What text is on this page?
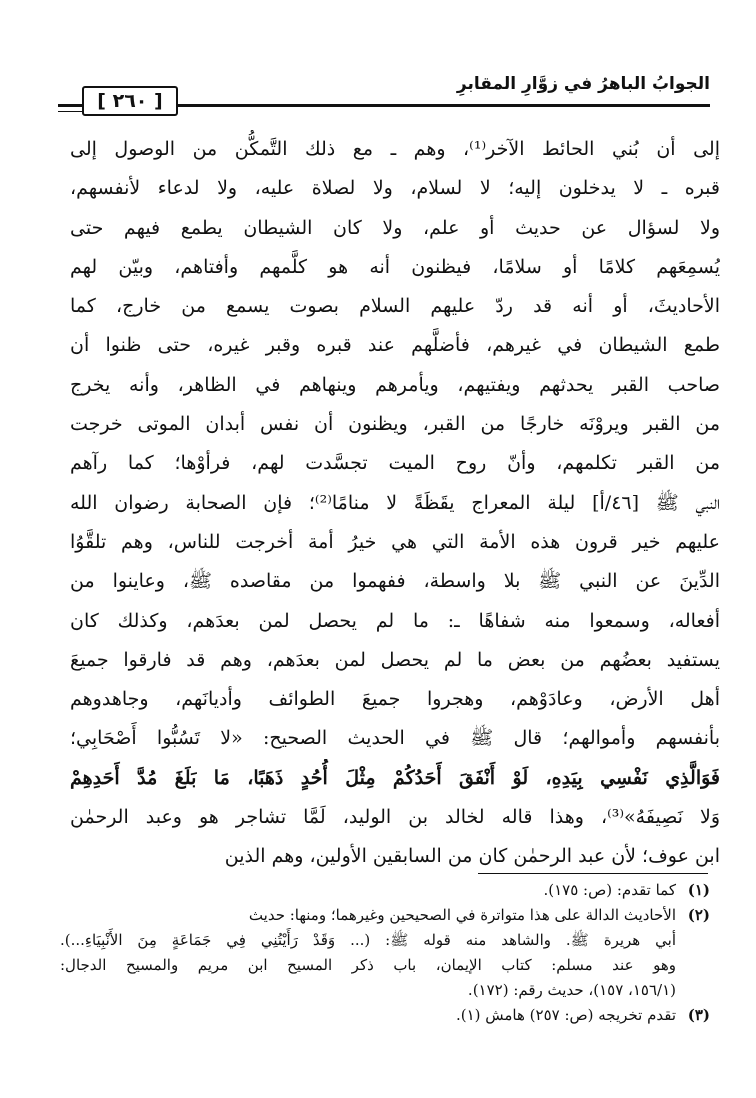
[ ٢٦٠ ]
الجوابُ الباهرُ في زوَّارِ المقابرِ
إلى أن بُني الحائط الآخر⁽¹⁾، وهم ـ مع ذلك التَّمكُّن من الوصول إلى
قبره ـ لا يدخلون إليه؛ لا لسلام، ولا لصلاة عليه، ولا لدعاء لأنفسهم،
ولا لسؤال عن حديث أو علم، ولا كان الشيطان يطمع فيهم حتى
يُسمِعَهم كلامًا أو سلامًا، فيظنون أنه هو كلَّمهم وأفتاهم، وبيّن لهم
الأحاديثَ، أو أنه قد ردّ عليهم السلام بصوت يسمع من خارج، كما
طمع الشيطان في غيرهم، فأضلَّهم عند قبره وقبر غيره، حتى ظنوا أن
صاحب القبر يحدثهم ويفتيهم، ويأمرهم وينهاهم في الظاهر، وأنه يخرج
من القبر ويروْنَه خارجًا من القبر، ويظنون أن نفس أبدان الموتى خرجت
من القبر تكلمهم، وأنّ روح الميت تجسَّدت لهم، فرأوْها؛ كما رآهم
النبي ﷺ [٤٦/أ] ليلة المعراج يقَظَةً لا منامًا⁽²⁾؛ فإن الصحابة رضوان الله
عليهم خير قرون هذه الأمة التي هي خيرُ أمة أخرجت للناس، وهم تلقَّوُا
الدِّينَ عن النبي ﷺ بلا واسطة، ففهموا من مقاصده ﷺ، وعاينوا من
أفعاله، وسمعوا منه شفاهًا ـ: ما لم يحصل لمن بعدَهم، وكذلك كان
يستفيد بعضُهم من بعض ما لم يحصل لمن بعدَهم، وهم قد فارقوا جميعَ
أهل الأرض، وعادَوْهم، وهجروا جميعَ الطوائف وأديانَهم، وجاهدوهم
بأنفسهم وأموالهم؛ قال ﷺ في الحديث الصحيح: «لا تَسُبُّوا أَصْحَابِي؛
فَوَالَّذِي نَفْسِي بِيَدِهِ، لَوْ أَنْفَقَ أَحَدُكُمْ مِثْلَ أُحُدٍ ذَهَبًا، مَا بَلَغَ مُدَّ أَحَدِهِمْ
وَلا نَصِيفَهُ»⁽³⁾، وهذا قاله لخالد بن الوليد، لَمَّا تشاجر هو وعبد الرحمٰن
ابن عوف؛ لأن عبد الرحمٰن كان من السابقين الأولين، وهم الذين
(١)كما تقدم: (ص: ١٧٥).
(٢)الأحاديث الدالة على هذا متواترة في الصحيحين وغيرهما؛ ومنها: حديث
أبي هريرة ﷺ. والشاهد منه قوله ﷺ: (... وَقَدْ رَأَيْتُنِي فِي جَمَاعَةٍ مِنَ الأَنْبِيَاءِ...).
وهو عند مسلم: كتاب الإيمان، باب ذكر المسيح ابن مريم والمسيح الدجال:
(١٥٦/١، ١٥٧)، حديث رقم: (١٧٢).
(٣)تقدم تخريجه (ص: ٢٥٧) هامش (١).
